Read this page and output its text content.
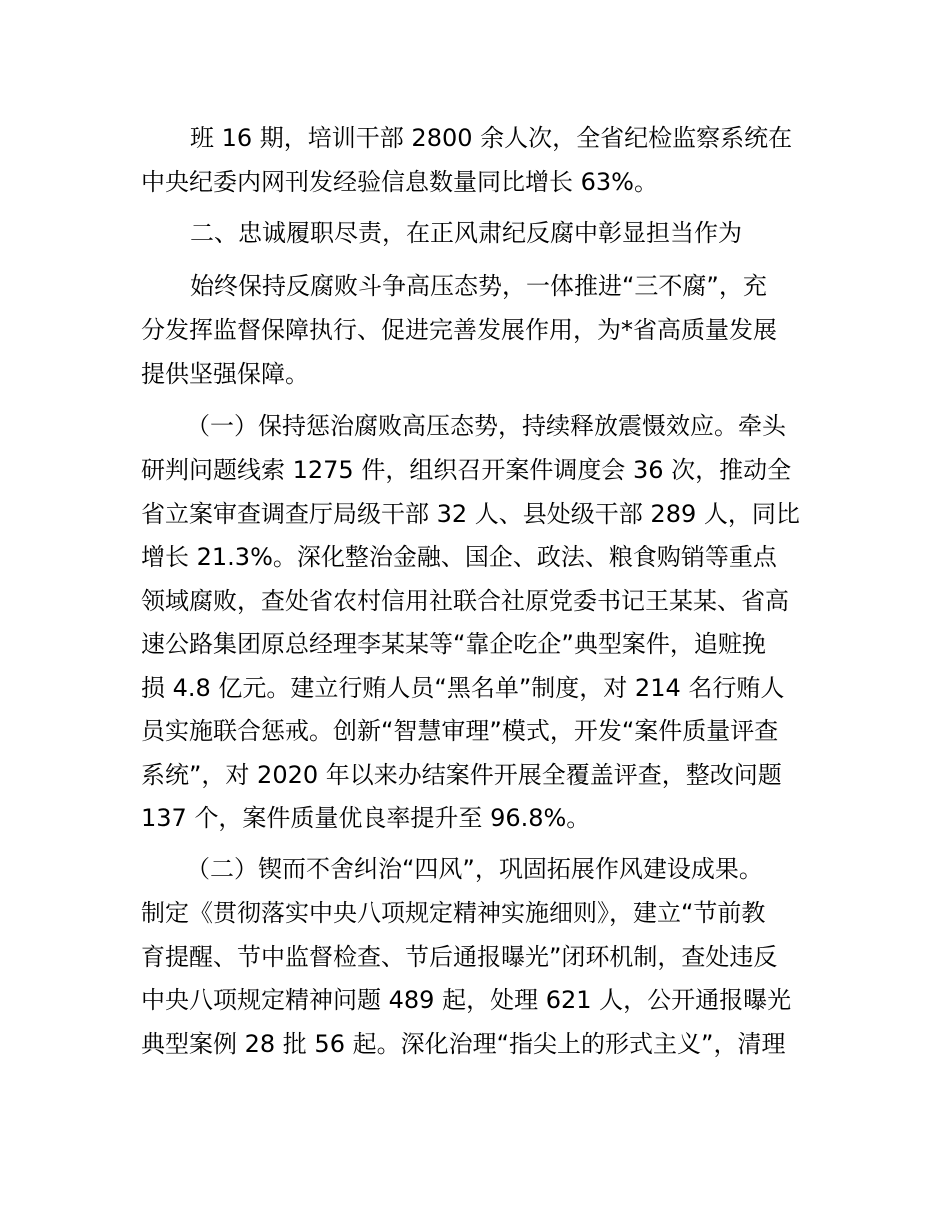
班 16 期，培训干部 2800 余人次，全省纪检监察系统在
中央纪委内网刊发经验信息数量同比增长 63%。
二、忠诚履职尽责，在正风肃纪反腐中彰显担当作为
始终保持反腐败斗争高压态势，一体推进“三不腐”，充
分发挥监督保障执行、促进完善发展作用，为*省高质量发展
提供坚强保障。
（一）保持惩治腐败高压态势，持续释放震慑效应。牵头
研判问题线索 1275 件，组织召开案件调度会 36 次，推动全
省立案审查调查厅局级干部 32 人、县处级干部 289 人，同比
增长 21.3%。深化整治金融、国企、政法、粮食购销等重点
领域腐败，查处省农村信用社联合社原党委书记王某某、省高
速公路集团原总经理李某某等“靠企吃企”典型案件，追赃挽
损 4.8 亿元。建立行贿人员“黑名单”制度，对 214 名行贿人
员实施联合惩戒。创新“智慧审理”模式，开发“案件质量评查
系统”，对 2020 年以来办结案件开展全覆盖评查，整改问题
137 个，案件质量优良率提升至 96.8%。
（二）锲而不舍纠治“四风”，巩固拓展作风建设成果。
制定《贯彻落实中央八项规定精神实施细则》，建立“节前教
育提醒、节中监督检查、节后通报曝光”闭环机制，查处违反
中央八项规定精神问题 489 起，处理 621 人，公开通报曝光
典型案例 28 批 56 起。深化治理“指尖上的形式主义”，清理
